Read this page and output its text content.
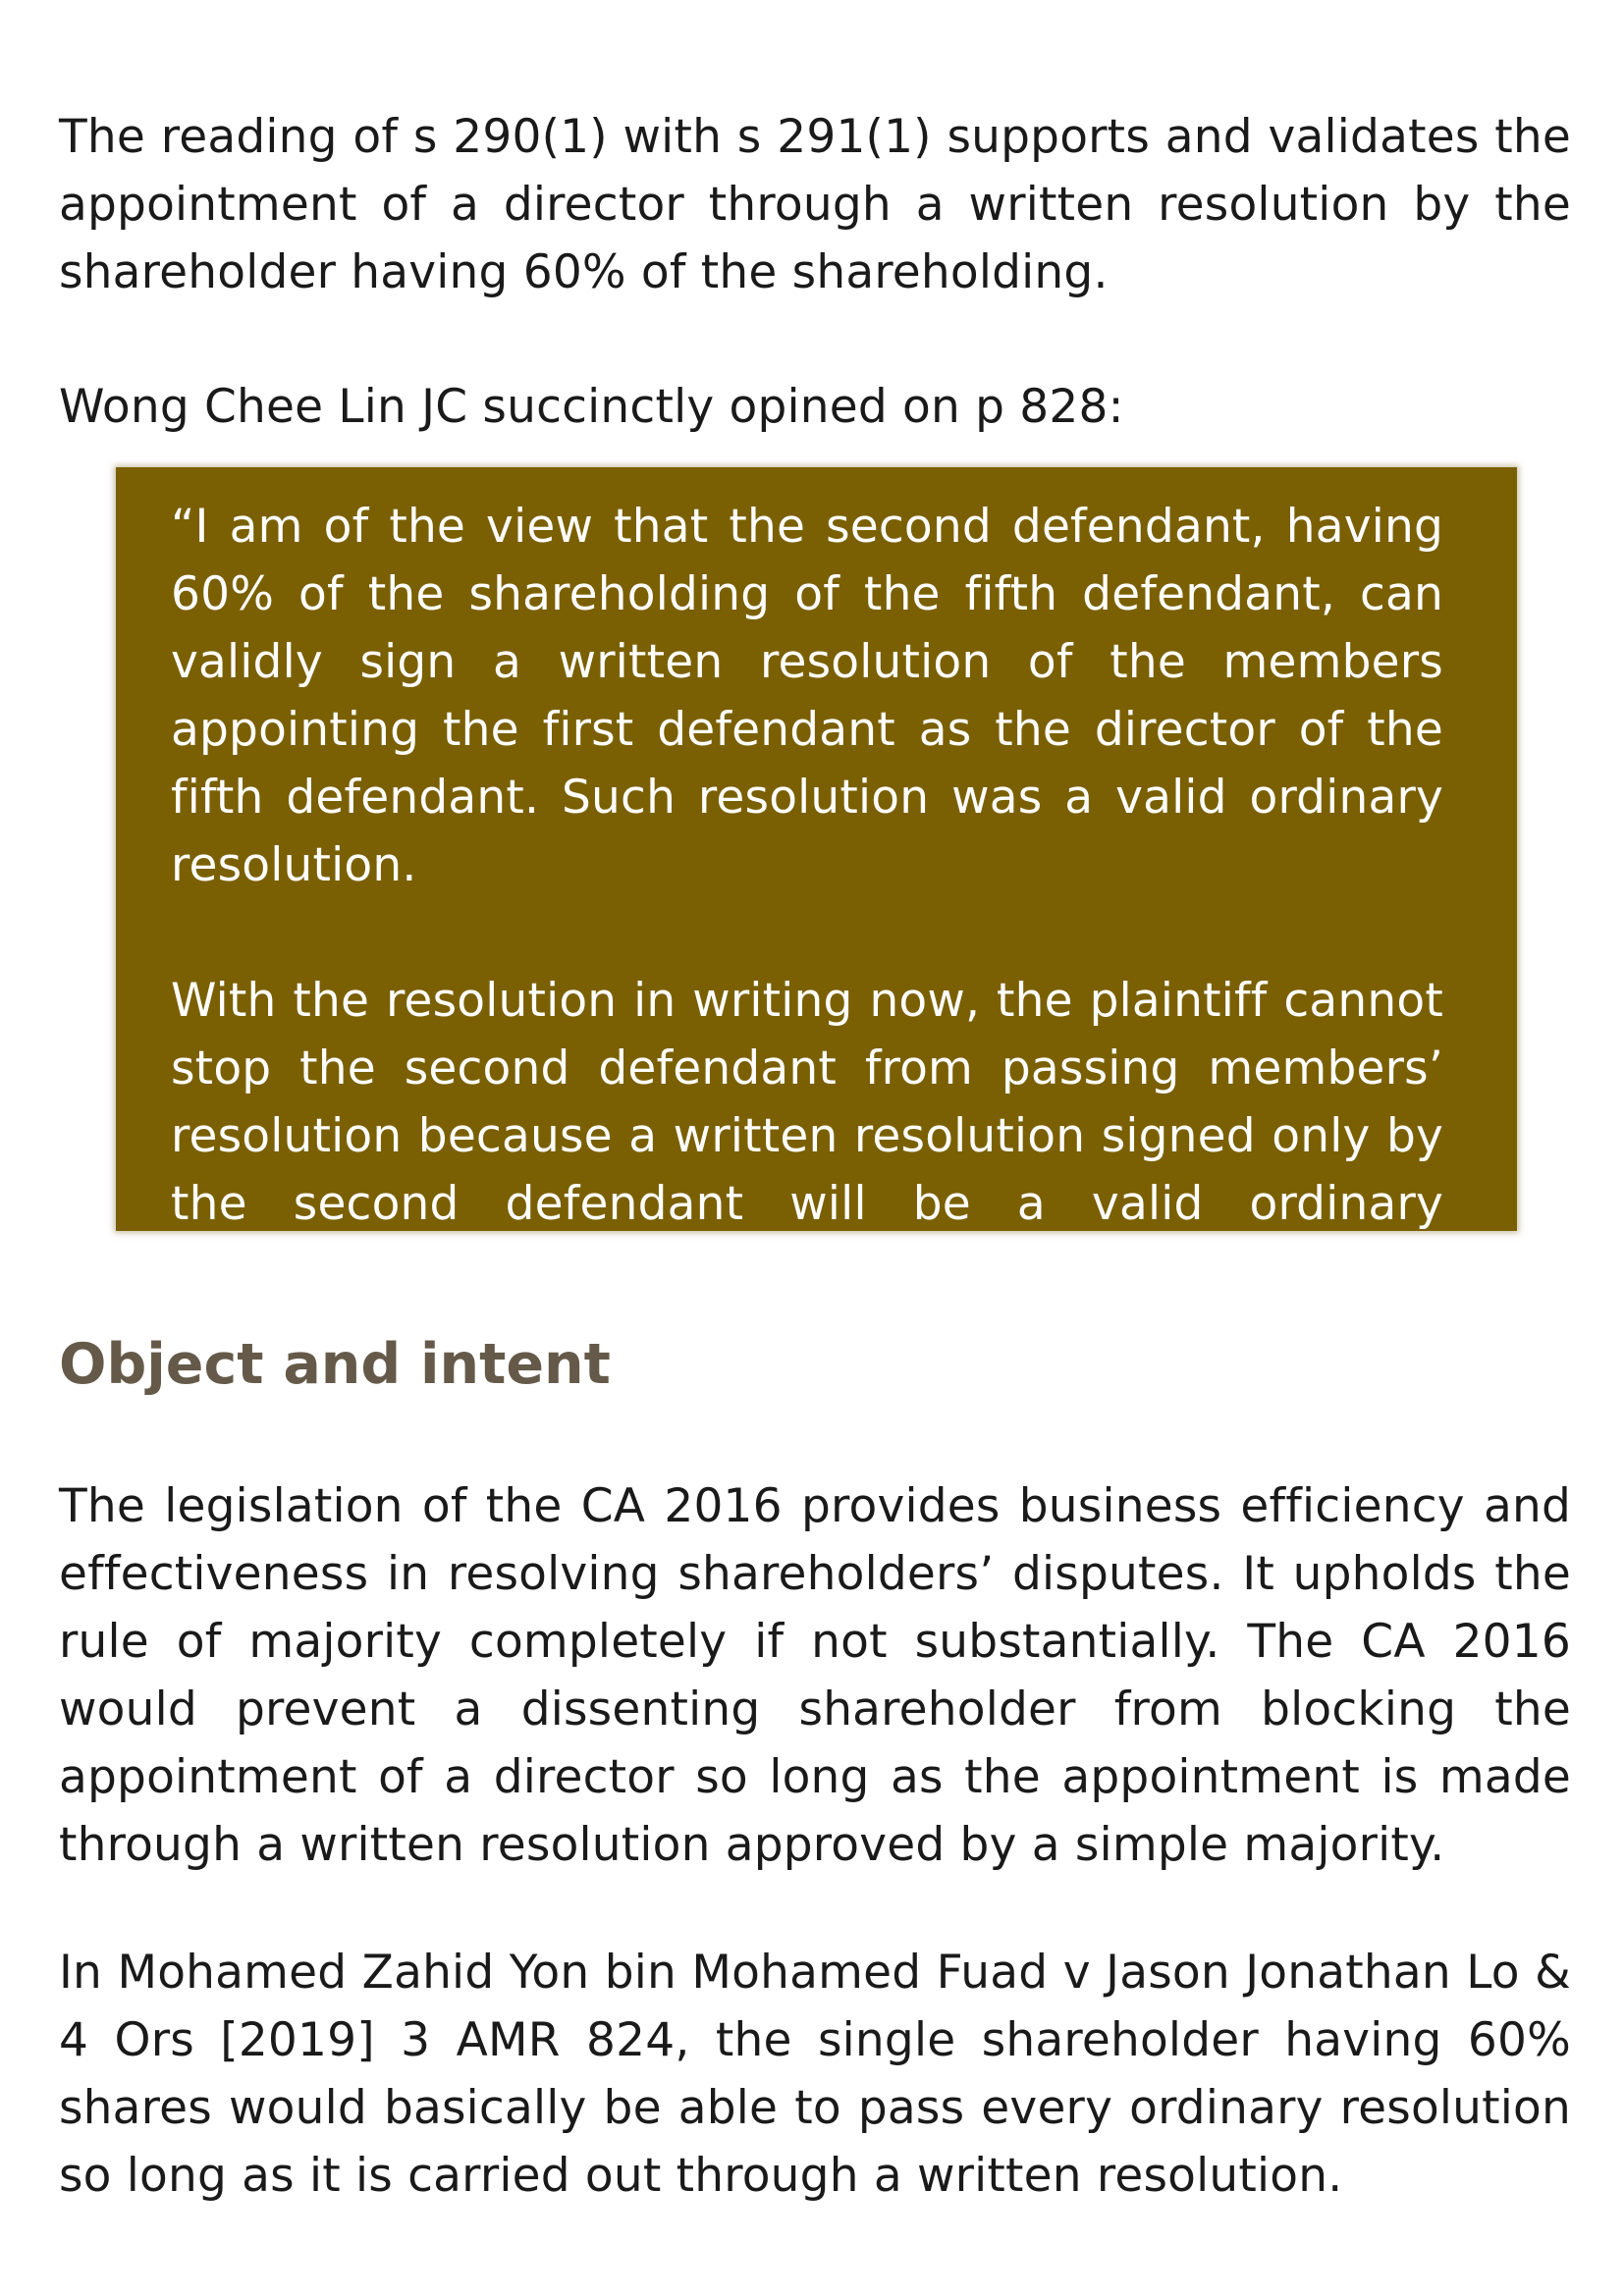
The reading of s 290(1) with s 291(1) supports and validates the appointment of a director through a written resolution by the shareholder having 60% of the shareholding.

Wong Chee Lin JC succinctly opined on p 828:

“I am of the view that the second defendant, having 60% of the shareholding of the fifth defendant, can validly sign a written resolution of the members appointing the first defendant as the director of the fifth defendant. Such resolution was a valid ordinary resolution.

With the resolution in writing now, the plaintiff cannot stop the second defendant from passing members’ resolution because a written resolution signed only by the second defendant will be a valid ordinary resolution.”

Object and intent

The legislation of the CA 2016 provides business efficiency and effectiveness in resolving shareholders’ disputes. It upholds the rule of majority completely if not substantially. The CA 2016 would prevent a dissenting shareholder from blocking the appointment of a director so long as the appointment is made through a written resolution approved by a simple majority.

In Mohamed Zahid Yon bin Mohamed Fuad v Jason Jonathan Lo & 4 Ors [2019] 3 AMR 824, the single shareholder having 60% shares would basically be able to pass every ordinary resolution so long as it is carried out through a written resolution.
